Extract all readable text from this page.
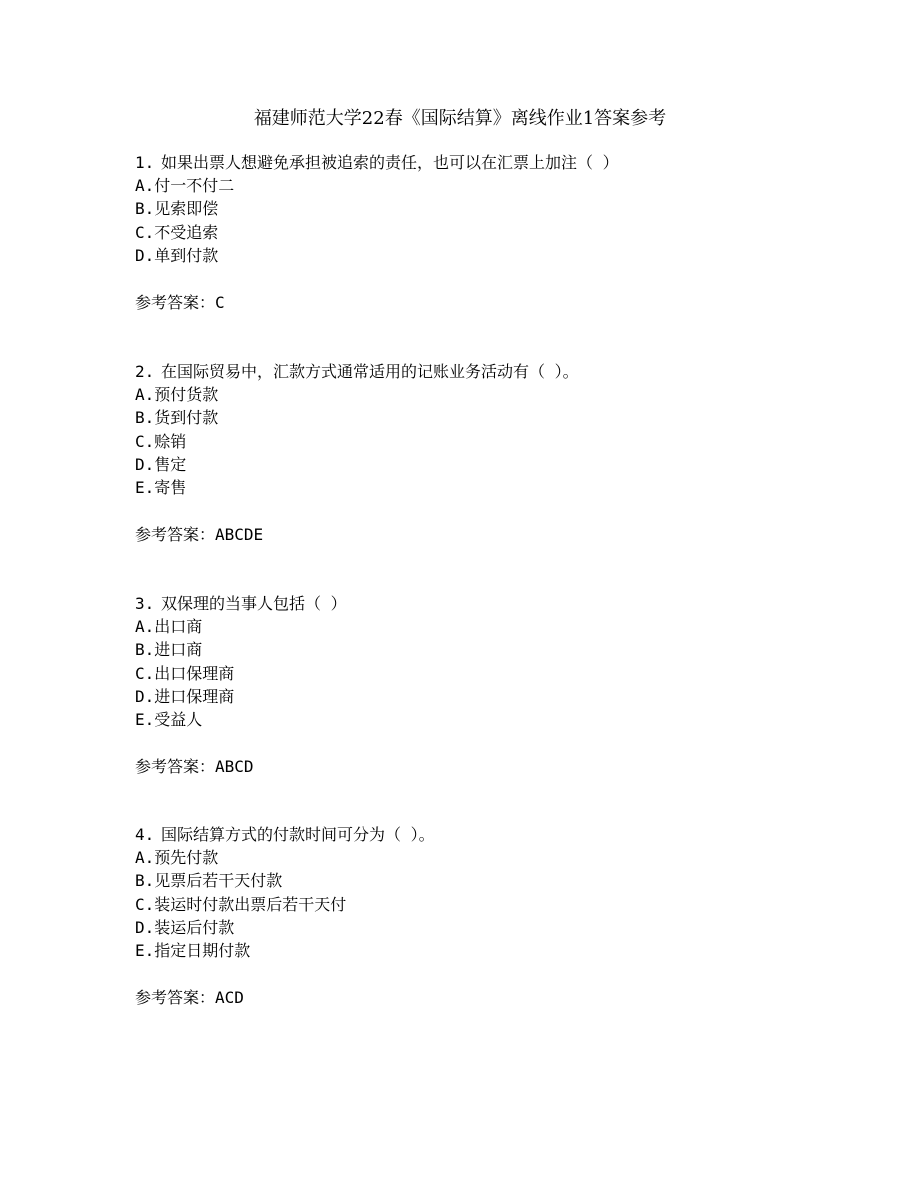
福建师范大学22春《国际结算》离线作业1答案参考
1. 如果出票人想避免承担被追索的责任，也可以在汇票上加注（ ）
A.付一不付二
B.见索即偿
C.不受追索
D.单到付款
参考答案：C
2. 在国际贸易中，汇款方式通常适用的记账业务活动有（ ）。
A.预付货款
B.货到付款
C.赊销
D.售定
E.寄售
参考答案：ABCDE
3. 双保理的当事人包括（ ）
A.出口商
B.进口商
C.出口保理商
D.进口保理商
E.受益人
参考答案：ABCD
4. 国际结算方式的付款时间可分为（ ）。
A.预先付款
B.见票后若干天付款
C.装运时付款出票后若干天付
D.装运后付款
E.指定日期付款
参考答案：ACD
